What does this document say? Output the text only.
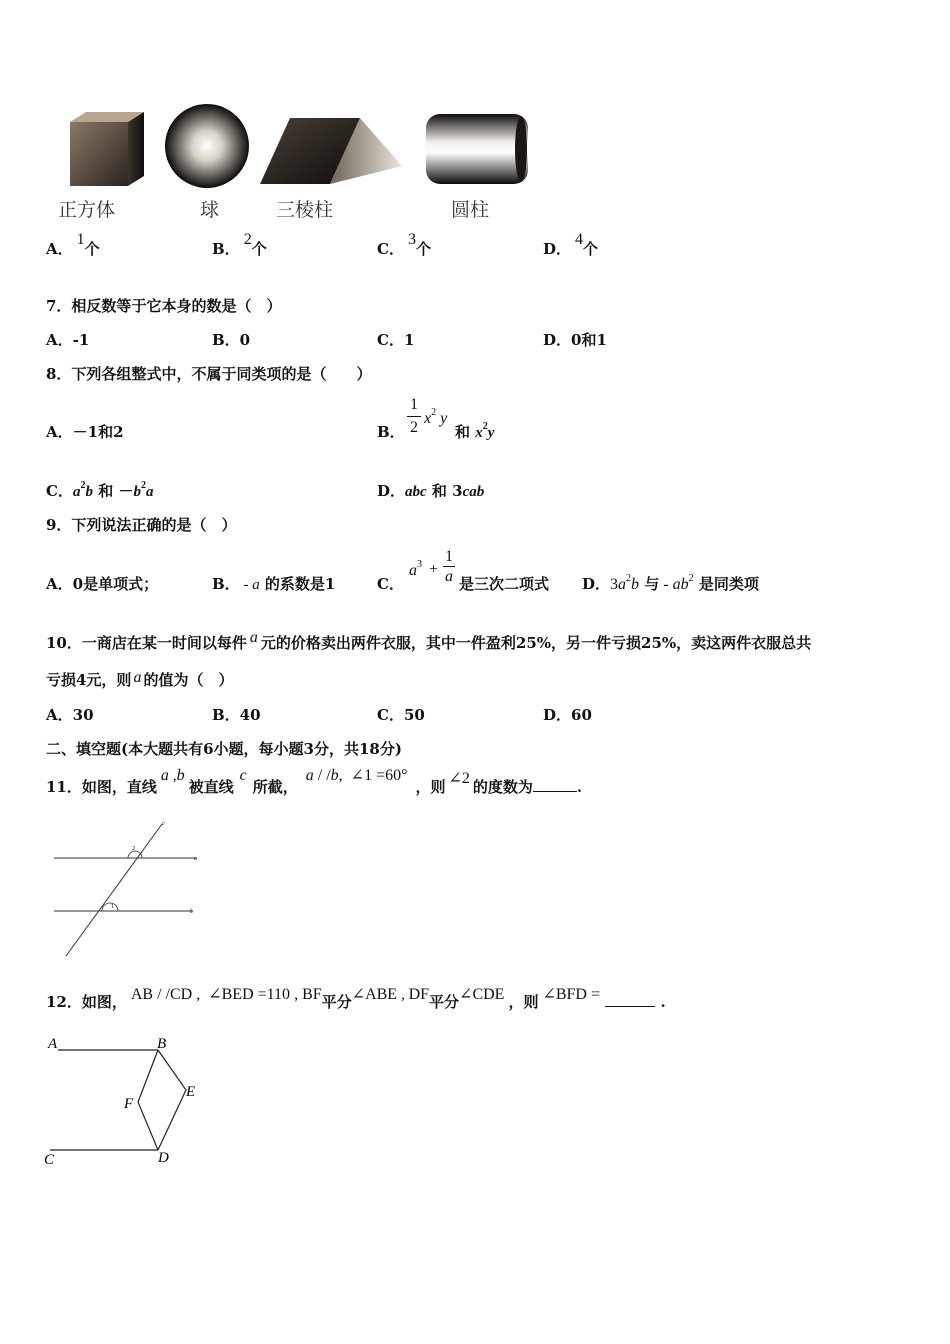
正方体	球	三棱柱	圆柱
A．1个	B．2个	C．3个	D．4个
7．相反数等于它本身的数是（　）
A．-1	B．0	C．1	D．0和1
8．下列各组整式中，不属于同类项的是（　　）
A．－1和2	B．
1
2
$x^2$ y
和 $x^2y$
C．$a^2b$ 和 $-b^2a$	D．abc 和 3cab
9．下列说法正确的是（　）
A．0是单项式；	B． - a 的系数是1	C．
$a^3$ +
1
a 是三次二项式 D．$3a^2b$ 与 - $ab^2$ 是同类项
10．一商店在某一时间以每件 a 元的价格卖出两件衣服，其中一件盈利25%，另一件亏损25%，卖这两件衣服总共
亏损4元，则 a 的值为（　）
A．30	B．40	C．50	D．60
二、填空题(本大题共有6小题，每小题3分，共18分)
11．如图，直线a ,b被直线c所截，a / /b,  ∠1 =60°，则 ∠2 的度数为	.
c
a
b
2
1
12．如图， AB / /CD ,  ∠BED =110 , BF平分∠ABE , DF平分∠CDE ，则 ∠BFD =	.
A	B
E
F
C	D
